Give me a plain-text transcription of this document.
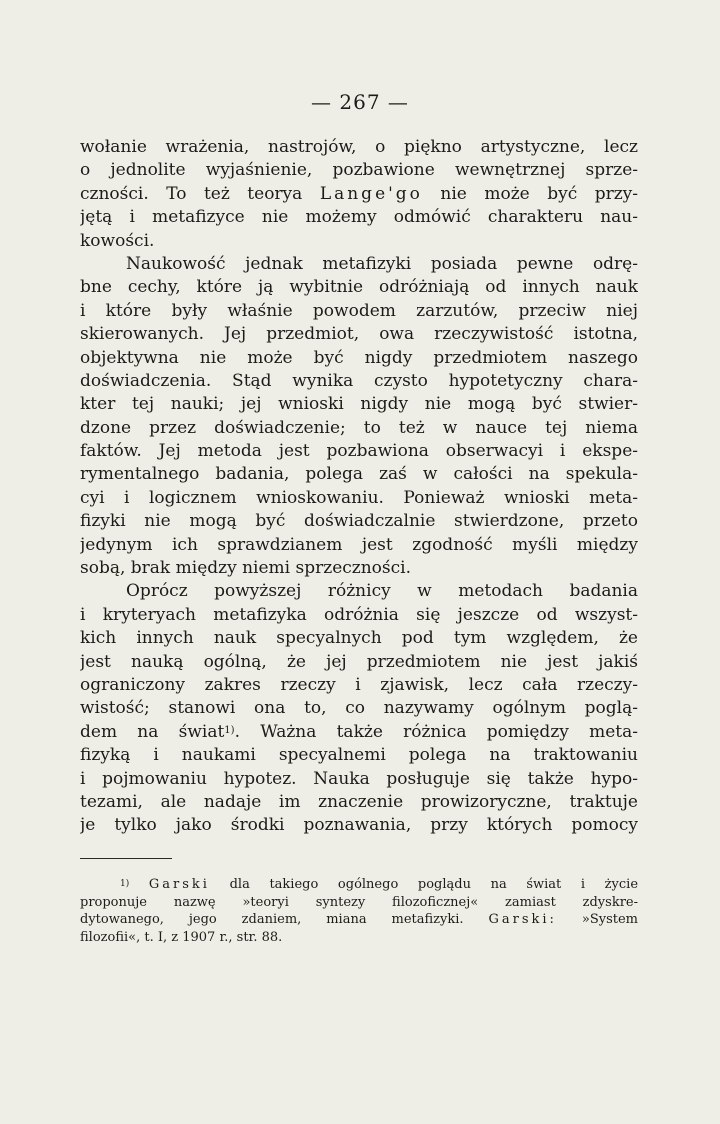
— 267 —
wołanie wrażenia, nastrojów, o piękno artystyczne, lecz
o jednolite wyjaśnienie, pozbawione wewnętrznej sprze-
czności. To też teorya Lange'go nie może być przy-
jętą i metafizyce nie możemy odmówić charakteru nau-
kowości.
Naukowość jednak metafizyki posiada pewne odrę-
bne cechy, które ją wybitnie odróżniają od innych nauk
i które były właśnie powodem zarzutów, przeciw niej
skierowanych. Jej przedmiot, owa rzeczywistość istotna,
objektywna nie może być nigdy przedmiotem naszego
doświadczenia. Stąd wynika czysto hypotetyczny chara-
kter tej nauki; jej wnioski nigdy nie mogą być stwier-
dzone przez doświadczenie; to też w nauce tej niema
faktów. Jej metoda jest pozbawiona obserwacyi i ekspe-
rymentalnego badania, polega zaś w całości na spekula-
cyi i logicznem wnioskowaniu. Ponieważ wnioski meta-
fizyki nie mogą być doświadczalnie stwierdzone, przeto
jedynym ich sprawdzianem jest zgodność myśli między
sobą, brak między niemi sprzeczności.
Oprócz powyższej różnicy w metodach badania
i kryteryach metafizyka odróżnia się jeszcze od wszyst-
kich innych nauk specyalnych pod tym względem, że
jest nauką ogólną, że jej przedmiotem nie jest jakiś
ograniczony zakres rzeczy i zjawisk, lecz cała rzeczy-
wistość; stanowi ona to, co nazywamy ogólnym poglą-
dem na świat$^{1)}$. Ważna także różnica pomiędzy meta-
fizyką i naukami specyalnemi polega na traktowaniu
i pojmowaniu hypotez. Nauka posługuje się także hypo-
tezami, ale nadaje im znaczenie prowizoryczne, traktuje
je tylko jako środki poznawania, przy których pomocy
$^{1)}$ Garski dla takiego ogólnego poglądu na świat i życie
proponuje nazwę »teoryi syntezy filozoficznej« zamiast zdyskre-
dytowanego, jego zdaniem, miana metafizyki. Garski: »System
filozofii«, t. I, z 1907 r., str. 88.
